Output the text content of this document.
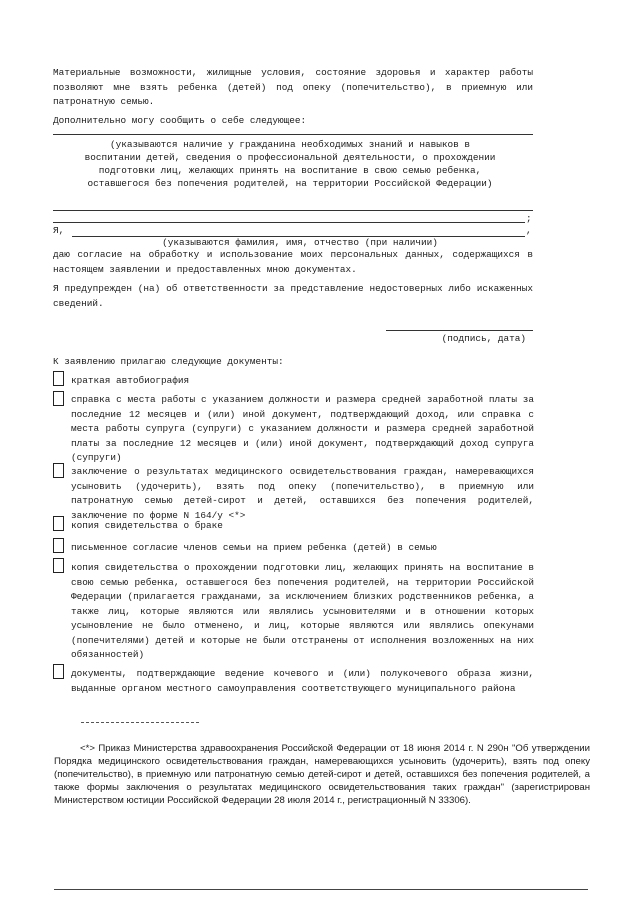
Материальные возможности, жилищные условия, состояние здоровья и характер работы позволяют мне взять ребенка (детей) под опеку (попечительство), в приемную или патронатную семью.
Дополнительно могу сообщить о себе следующее:
(указываются наличие у гражданина необходимых знаний и навыков в воспитании детей, сведения о профессиональной деятельности, о прохождении подготовки лиц, желающих принять на воспитание в свою семью ребенка, оставшегося без попечения родителей, на территории Российской Федерации)
;
Я,	,
(указываются фамилия, имя, отчество (при наличии)
даю согласие на обработку и использование моих персональных данных, содержащихся в настоящем заявлении и предоставленных мною документах.
Я предупрежден (на) об ответственности за представление недостоверных либо искаженных сведений.
(подпись, дата)
К заявлению прилагаю следующие документы:
краткая автобиография
справка с места работы с указанием должности и размера средней заработной платы за последние 12 месяцев и (или) иной документ, подтверждающий доход, или справка с места работы супруга (супруги) с указанием должности и размера средней заработной платы за последние 12 месяцев и (или) иной документ, подтверждающий доход супруга (супруги)
заключение о результатах медицинского освидетельствования граждан, намеревающихся усыновить (удочерить), взять под опеку (попечительство), в приемную или патронатную семью детей-сирот и детей, оставшихся без попечения родителей, заключение по форме N 164/у <*>
копия свидетельства о браке
письменное согласие членов семьи на прием ребенка (детей) в семью
копия свидетельства о прохождении подготовки лиц, желающих принять на воспитание в свою семью ребенка, оставшегося без попечения родителей, на территории Российской Федерации (прилагается гражданами, за исключением близких родственников ребенка, а также лиц, которые являются или являлись усыновителями и в отношении которых усыновление не было отменено, и лиц, которые являются или являлись опекунами (попечителями) детей и которые не были отстранены от исполнения возложенных на них обязанностей)
документы, подтверждающие ведение кочевого и (или) полукочевого образа жизни, выданные органом местного самоуправления соответствующего муниципального района
<*> Приказ Министерства здравоохранения Российской Федерации от 18 июня 2014 г. N 290н "Об утверждении Порядка медицинского освидетельствования граждан, намеревающихся усыновить (удочерить), взять под опеку (попечительство), в приемную или патронатную семью детей-сирот и детей, оставшихся без попечения родителей, а также формы заключения о результатах медицинского освидетельствования таких граждан" (зарегистрирован Министерством юстиции Российской Федерации 28 июля 2014 г., регистрационный N 33306).
